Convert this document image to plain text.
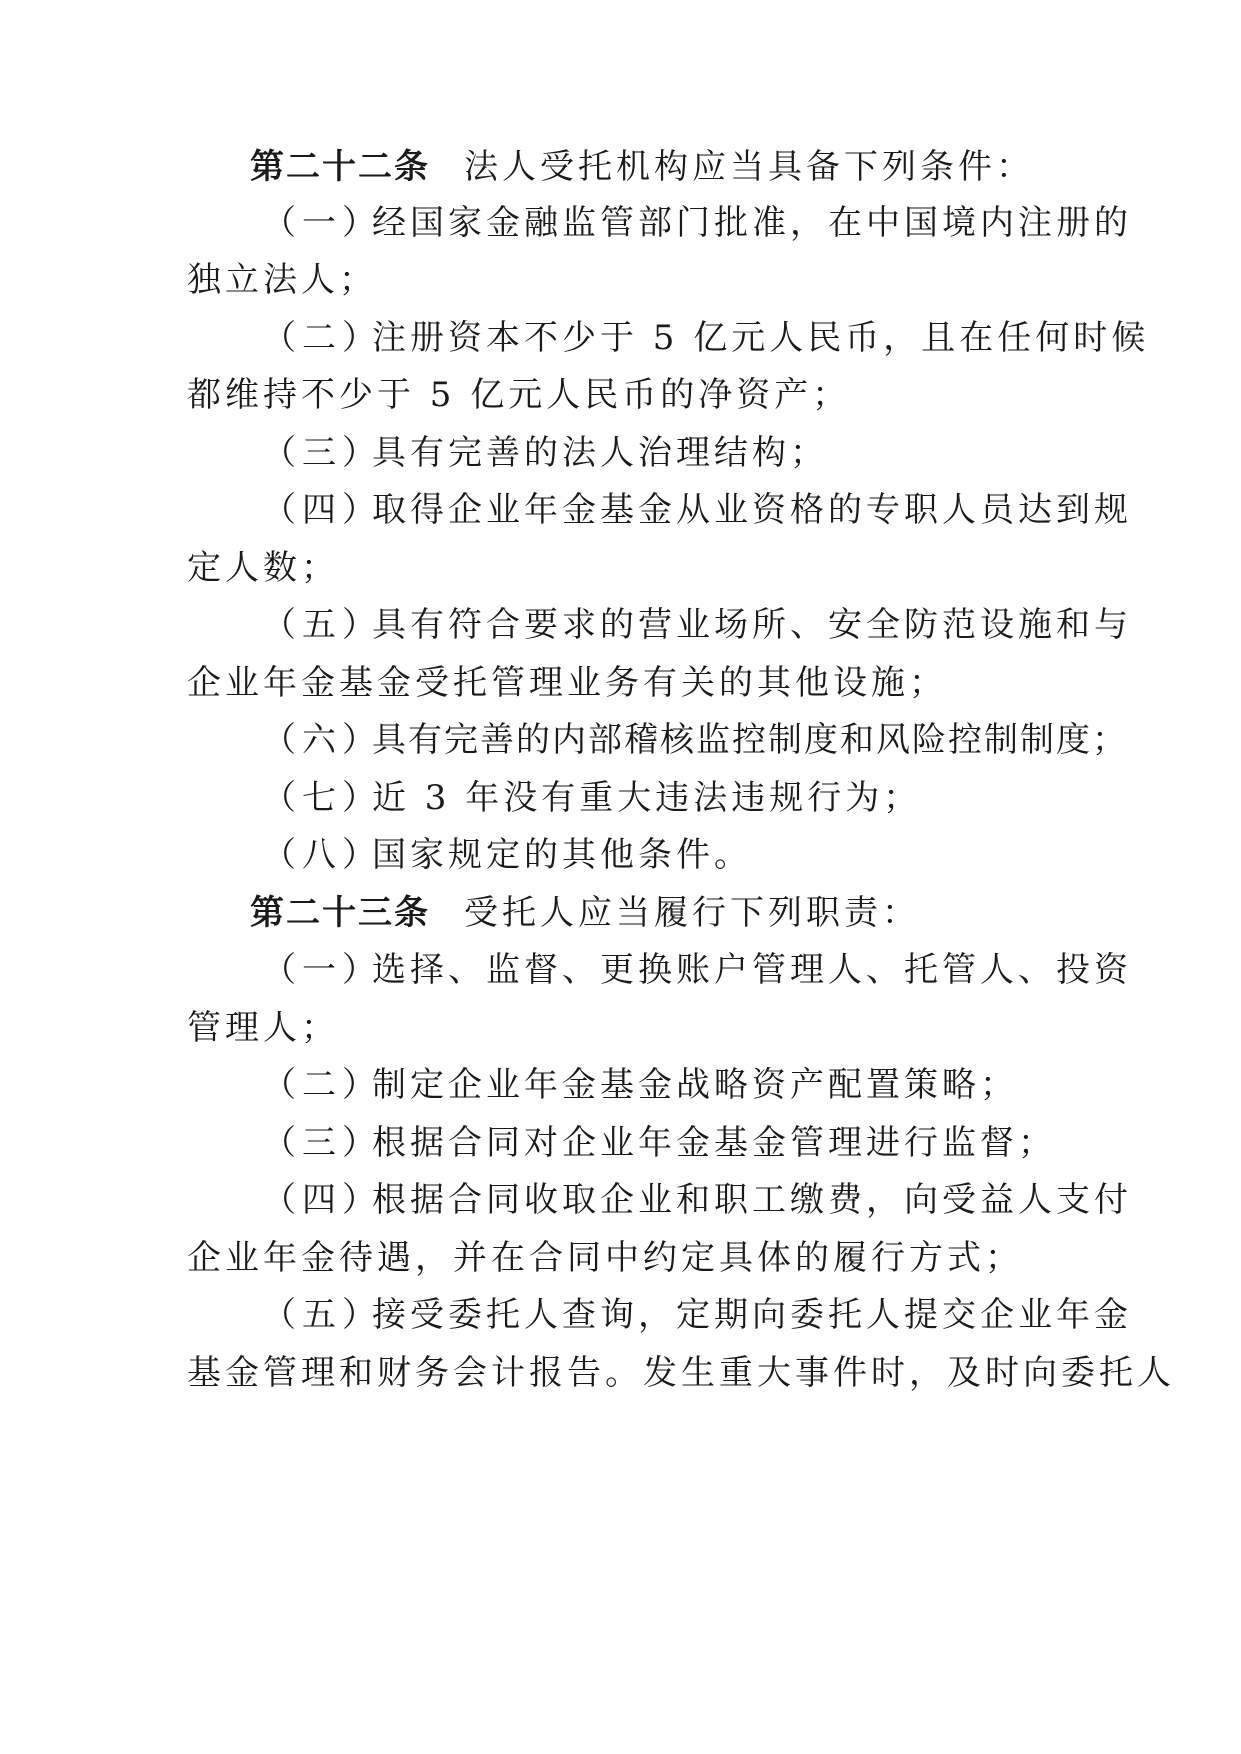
第二十二条 法人受托机构应当具备下列条件：
（一）经国家金融监管部门批准，在中国境内注册的
独立法人；
（二）注册资本不少于 5 亿元人民币，且在任何时候
都维持不少于 5 亿元人民币的净资产；
（三）具有完善的法人治理结构；
（四）取得企业年金基金从业资格的专职人员达到规
定人数；
（五）具有符合要求的营业场所、安全防范设施和与
企业年金基金受托管理业务有关的其他设施；
（六）具有完善的内部稽核监控制度和风险控制制度；
（七）近 3 年没有重大违法违规行为；
（八）国家规定的其他条件。
第二十三条 受托人应当履行下列职责：
（一）选择、监督、更换账户管理人、托管人、投资
管理人；
（二）制定企业年金基金战略资产配置策略；
（三）根据合同对企业年金基金管理进行监督；
（四）根据合同收取企业和职工缴费，向受益人支付
企业年金待遇，并在合同中约定具体的履行方式；
（五）接受委托人查询，定期向委托人提交企业年金
基金管理和财务会计报告。发生重大事件时，及时向委托人
